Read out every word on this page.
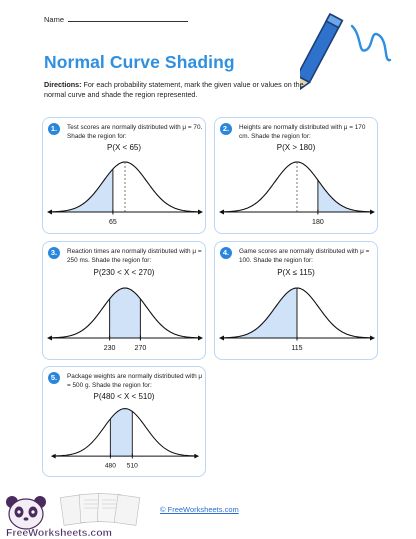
Name
Normal Curve Shading
Directions: For each probability statement, mark the given value or values on the normal curve and shade the region represented.
1.	Test scores are normally distributed with μ = 70. Shade the region for:
P(X < 65)
65
2.	Heights are normally distributed with μ = 170 cm. Shade the region for:
P(X > 180)
180
3.	Reaction times are normally distributed with μ = 250 ms. Shade the region for:
P(230 < X < 270)
230	270
4.	Game scores are normally distributed with μ = 100. Shade the region for:
P(X ≤ 115)
115
5.	Package weights are normally distributed with μ = 500 g. Shade the region for:
P(480 < X < 510)
480 510
FreeWorksheets.com
© FreeWorksheets.com
